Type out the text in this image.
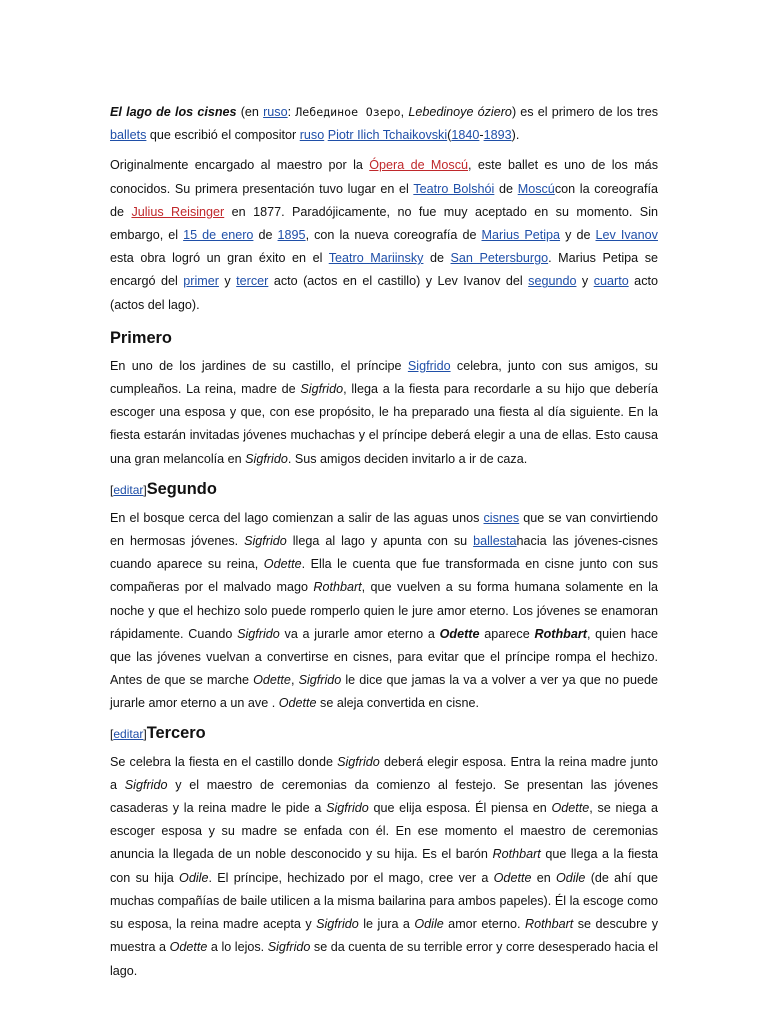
El lago de los cisnes (en ruso: Лебединое Озеро, Lebedinoye óziero) es el primero de los tres ballets que escribió el compositor ruso Piotr Ilich Tchaikovski(1840-1893).

Originalmente encargado al maestro por la Ópera de Moscú, este ballet es uno de los más conocidos. Su primera presentación tuvo lugar en el Teatro Bolshói de Moscúcon la coreografía de Julius Reisinger en 1877. Paradójicamente, no fue muy aceptado en su momento. Sin embargo, el 15 de enero de 1895, con la nueva coreografía de Marius Petipa y de Lev Ivanov esta obra logró un gran éxito en el Teatro Mariinsky de San Petersburgo. Marius Petipa se encargó del primer y tercer acto (actos en el castillo) y Lev Ivanov del segundo y cuarto acto (actos del lago).

Primero

En uno de los jardines de su castillo, el príncipe Sigfrido celebra, junto con sus amigos, su cumpleaños. La reina, madre de Sigfrido, llega a la fiesta para recordarle a su hijo que debería escoger una esposa y que, con ese propósito, le ha preparado una fiesta al día siguiente. En la fiesta estarán invitadas jóvenes muchachas y el príncipe deberá elegir a una de ellas. Esto causa una gran melancolía en Sigfrido. Sus amigos deciden invitarlo a ir de caza.

[editar]Segundo

En el bosque cerca del lago comienzan a salir de las aguas unos cisnes que se van convirtiendo en hermosas jóvenes. Sigfrido llega al lago y apunta con su ballestahacia las jóvenes-cisnes cuando aparece su reina, Odette. Ella le cuenta que fue transformada en cisne junto con sus compañeras por el malvado mago Rothbart, que vuelven a su forma humana solamente en la noche y que el hechizo solo puede romperlo quien le jure amor eterno. Los jóvenes se enamoran rápidamente. Cuando Sigfrido va a jurarle amor eterno a Odette aparece Rothbart, quien hace que las jóvenes vuelvan a convertirse en cisnes, para evitar que el príncipe rompa el hechizo. Antes de que se marche Odette, Sigfrido le dice que jamas la va a volver a ver ya que no puede jurarle amor eterno a un ave . Odette se aleja convertida en cisne.

[editar]Tercero

Se celebra la fiesta en el castillo donde Sigfrido deberá elegir esposa. Entra la reina madre junto a Sigfrido y el maestro de ceremonias da comienzo al festejo. Se presentan las jóvenes casaderas y la reina madre le pide a Sigfrido que elija esposa. Él piensa en Odette, se niega a escoger esposa y su madre se enfada con él. En ese momento el maestro de ceremonias anuncia la llegada de un noble desconocido y su hija. Es el barón Rothbart que llega a la fiesta con su hija Odile. El príncipe, hechizado por el mago, cree ver a Odette en Odile (de ahí que muchas compañías de baile utilicen a la misma bailarina para ambos papeles). Él la escoge como su esposa, la reina madre acepta y Sigfrido le jura a Odile amor eterno. Rothbart se descubre y muestra a Odette a lo lejos. Sigfrido se da cuenta de su terrible error y corre desesperado hacia el lago.
